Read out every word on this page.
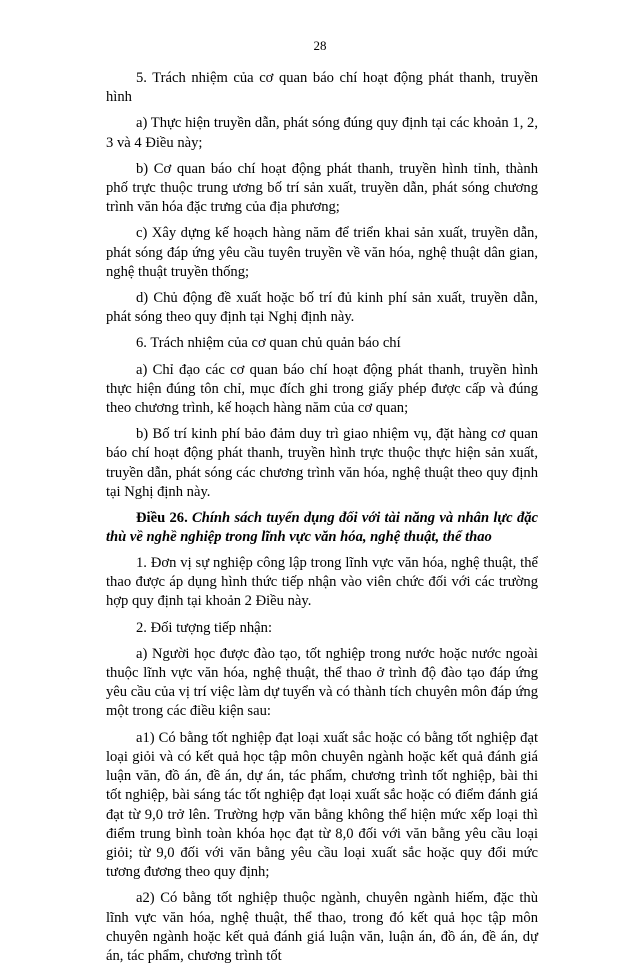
28

5. Trách nhiệm của cơ quan báo chí hoạt động phát thanh, truyền hình

a) Thực hiện truyền dẫn, phát sóng đúng quy định tại các khoản 1, 2, 3 và 4 Điều này;

b) Cơ quan báo chí hoạt động phát thanh, truyền hình tỉnh, thành phố trực thuộc trung ương bố trí sản xuất, truyền dẫn, phát sóng chương trình văn hóa đặc trưng của địa phương;

c) Xây dựng kế hoạch hàng năm để triển khai sản xuất, truyền dẫn, phát sóng đáp ứng yêu cầu tuyên truyền về văn hóa, nghệ thuật dân gian, nghệ thuật truyền thống;

d) Chủ động đề xuất hoặc bố trí đủ kinh phí sản xuất, truyền dẫn, phát sóng theo quy định tại Nghị định này.

6. Trách nhiệm của cơ quan chủ quản báo chí

a) Chỉ đạo các cơ quan báo chí hoạt động phát thanh, truyền hình thực hiện đúng tôn chỉ, mục đích ghi trong giấy phép được cấp và đúng theo chương trình, kế hoạch hàng năm của cơ quan;

b) Bố trí kinh phí bảo đảm duy trì giao nhiệm vụ, đặt hàng cơ quan báo chí hoạt động phát thanh, truyền hình trực thuộc thực hiện sản xuất, truyền dẫn, phát sóng các chương trình văn hóa, nghệ thuật theo quy định tại Nghị định này.

Điều 26. Chính sách tuyển dụng đối với tài năng và nhân lực đặc thù về nghề nghiệp trong lĩnh vực văn hóa, nghệ thuật, thể thao

1. Đơn vị sự nghiệp công lập trong lĩnh vực văn hóa, nghệ thuật, thể thao được áp dụng hình thức tiếp nhận vào viên chức đối với các trường hợp quy định tại khoản 2 Điều này.

2. Đối tượng tiếp nhận:

a) Người học được đào tạo, tốt nghiệp trong nước hoặc nước ngoài thuộc lĩnh vực văn hóa, nghệ thuật, thể thao ở trình độ đào tạo đáp ứng yêu cầu của vị trí việc làm dự tuyển và có thành tích chuyên môn đáp ứng một trong các điều kiện sau:

a1) Có bằng tốt nghiệp đạt loại xuất sắc hoặc có bằng tốt nghiệp đạt loại giỏi và có kết quả học tập môn chuyên ngành hoặc kết quả đánh giá luận văn, đồ án, đề án, dự án, tác phẩm, chương trình tốt nghiệp, bài thi tốt nghiệp, bài sáng tác tốt nghiệp đạt loại xuất sắc hoặc có điểm đánh giá đạt từ 9,0 trở lên. Trường hợp văn bằng không thể hiện mức xếp loại thì điểm trung bình toàn khóa học đạt từ 8,0 đối với văn bằng yêu cầu loại giỏi; từ 9,0 đối với văn bằng yêu cầu loại xuất sắc hoặc quy đổi mức tương đương theo quy định;

a2) Có bằng tốt nghiệp thuộc ngành, chuyên ngành hiếm, đặc thù lĩnh vực văn hóa, nghệ thuật, thể thao, trong đó kết quả học tập môn chuyên ngành hoặc kết quả đánh giá luận văn, luận án, đồ án, đề án, dự án, tác phẩm, chương trình tốt
